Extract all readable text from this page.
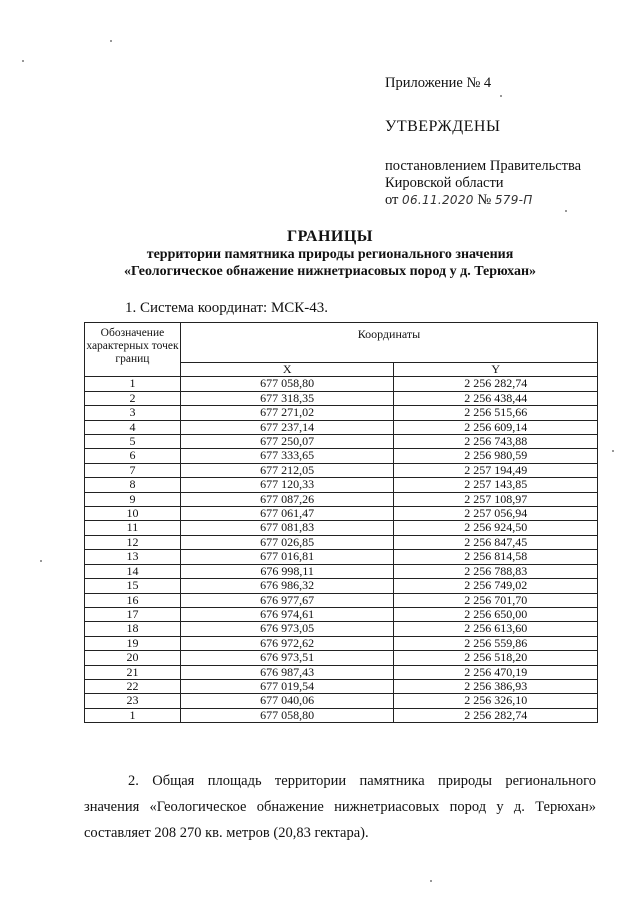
Приложение № 4

УТВЕРЖДЕНЫ

постановлением Правительства

Кировской области

от 06.11.2020 № 579-П

ГРАНИЦЫ
территории памятника природы регионального значения
«Геологическое обнажение нижнетриасовых пород у д. Терюхан»
1. Система координат: МСК-43.
Обозначение характерных точек границ	Координаты	
	X	Y
1	677 058,80	2 256 282,74
2	677 318,35	2 256 438,44
3	677 271,02	2 256 515,66
4	677 237,14	2 256 609,14
5	677 250,07	2 256 743,88
6	677 333,65	2 256 980,59
7	677 212,05	2 257 194,49
8	677 120,33	2 257 143,85
9	677 087,26	2 257 108,97
10	677 061,47	2 257 056,94
11	677 081,83	2 256 924,50
12	677 026,85	2 256 847,45
13	677 016,81	2 256 814,58
14	676 998,11	2 256 788,83
15	676 986,32	2 256 749,02
16	676 977,67	2 256 701,70
17	676 974,61	2 256 650,00
18	676 973,05	2 256 613,60
19	676 972,62	2 256 559,86
20	676 973,51	2 256 518,20
21	676 987,43	2 256 470,19
22	677 019,54	2 256 386,93
23	677 040,06	2 256 326,10
1	677 058,80	2 256 282,74
2. Общая площадь территории памятника природы регионального значения «Геологическое обнажение нижнетриасовых пород у д. Терюхан» составляет 208 270 кв. метров (20,83 гектара).
